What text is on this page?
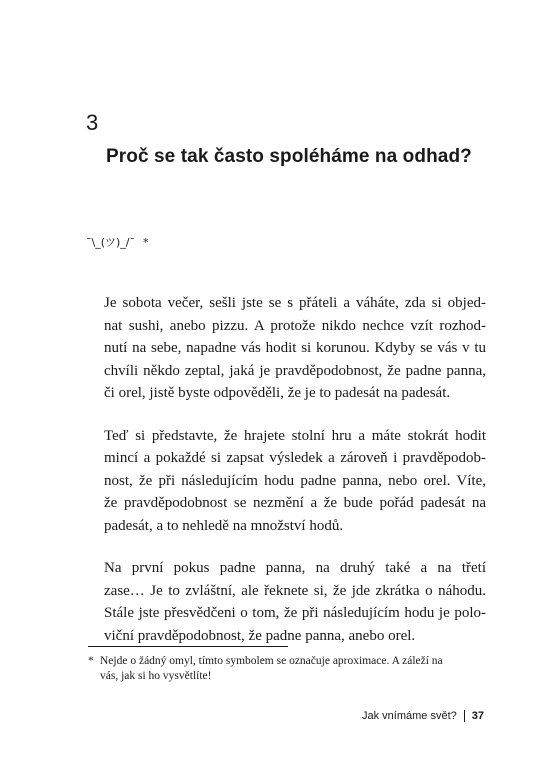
3
Proč se tak často spoléháme na odhad?
¯\_(ツ)_/¯ *

Je sobota večer, sešli jste se s přáteli a váháte, zda si objed-
nat sushi, anebo pizzu. A protože nikdo nechce vzít rozhod-
nutí na sebe, napadne vás hodit si korunou. Kdyby se vás v tu
chvíli někdo zeptal, jaká je pravděpodobnost, že padne panna,
či orel, jistě byste odpověděli, že je to padesát na padesát.

Teď si představte, že hrajete stolní hru a máte stokrát hodit
mincí a pokaždé si zapsat výsledek a zároveň i pravděpodob-
nost, že při následujícím hodu padne panna, nebo orel. Víte,
že pravděpodobnost se nezmění a že bude pořád padesát na
padesát, a to nehledě na množství hodů.

Na první pokus padne panna, na druhý také a na třetí
zase… Je to zvláštní, ale řeknete si, že jde zkrátka o náhodu.
Stále jste přesvědčeni o tom, že při následujícím hodu je polo-
viční pravděpodobnost, že padne panna, anebo orel.

* Nejde o žádný omyl, tímto symbolem se označuje aproximace. A záleží na
vás, jak si ho vysvětlíte!
Jak vnímáme svět? 37
